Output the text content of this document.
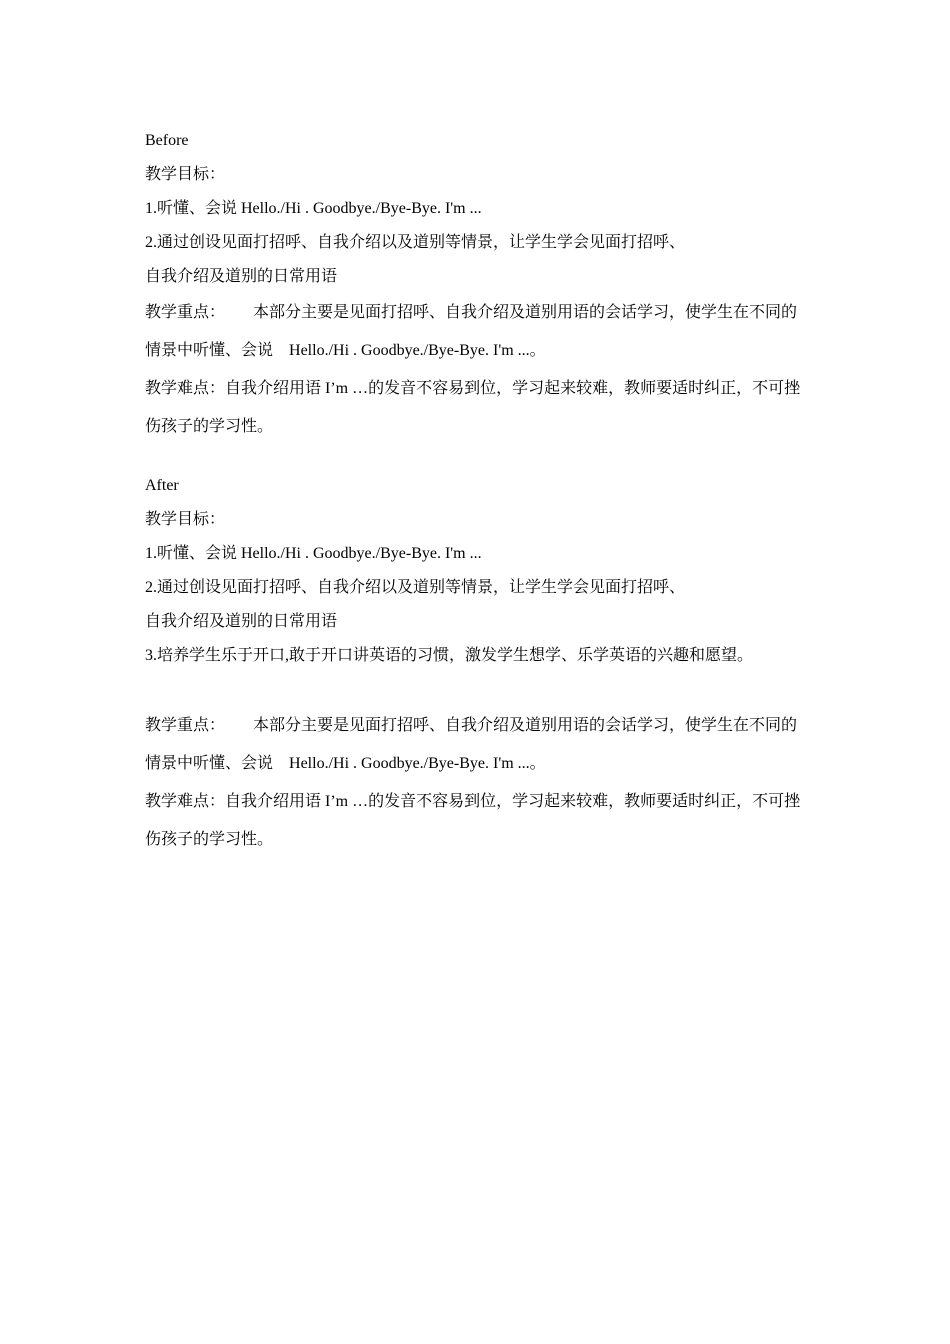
Before

教学目标：

1.听懂、会说 Hello./Hi . Goodbye./Bye-Bye. I'm ...

2.通过创设见面打招呼、自我介绍以及道别等情景，让学生学会见面打招呼、

自我介绍及道别的日常用语

教学重点： 本部分主要是见面打招呼、自我介绍及道别用语的会话学习，使学生在不同的

情景中听懂、会说 Hello./Hi . Goodbye./Bye-Bye. I'm ...。

教学难点：自我介绍用语 I’m …的发音不容易到位，学习起来较难，教师要适时纠正，不可挫

伤孩子的学习性。

After

教学目标：

1.听懂、会说 Hello./Hi . Goodbye./Bye-Bye. I'm ...

2.通过创设见面打招呼、自我介绍以及道别等情景，让学生学会见面打招呼、

自我介绍及道别的日常用语

3.培养学生乐于开口,敢于开口讲英语的习惯，激发学生想学、乐学英语的兴趣和愿望。

教学重点： 本部分主要是见面打招呼、自我介绍及道别用语的会话学习，使学生在不同的

情景中听懂、会说 Hello./Hi . Goodbye./Bye-Bye. I'm ...。

教学难点：自我介绍用语 I’m …的发音不容易到位，学习起来较难，教师要适时纠正，不可挫

伤孩子的学习性。
